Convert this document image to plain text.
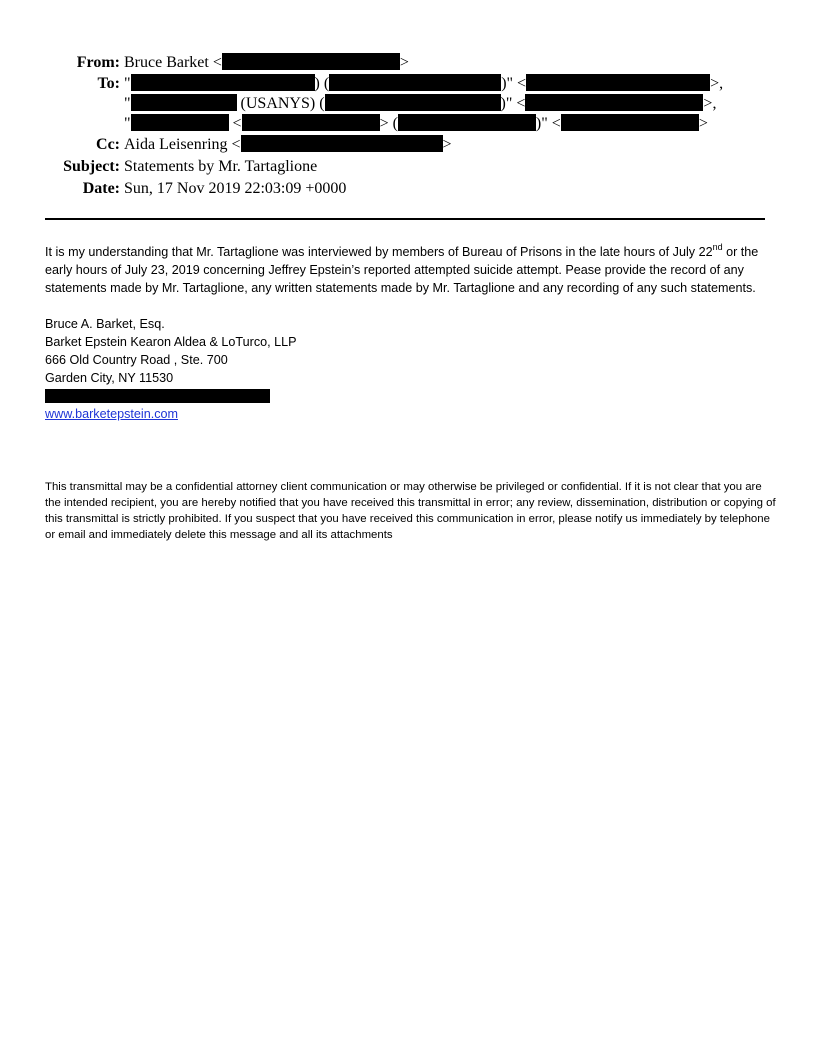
From: Bruce Barket <	>
To: "	) (	)" <	>,
"	(USANYS) (	)" <	>,
"	<	> (	)" <	>
Cc: Aida Leisenring <	>
Subject: Statements by Mr. Tartaglione
Date: Sun, 17 Nov 2019 22:03:09 +0000

It is my understanding that Mr. Tartaglione was interviewed by members of Bureau of Prisons in the late hours of July 22nd or the early hours of July 23, 2019 concerning Jeffrey Epstein’s reported attempted suicide attempt. Pease provide the record of any statements made by Mr. Tartaglione, any written statements made by Mr. Tartaglione and any recording of any such statements.

Bruce A. Barket, Esq.
Barket Epstein Kearon Aldea & LoTurco, LLP
666 Old Country Road , Ste. 700
Garden City, NY 11530
www.barketepstein.com
This transmittal may be a confidential attorney client communication or may otherwise be privileged or confidential. If it is not clear that you are the intended recipient, you are hereby notified that you have received this transmittal in error; any review, dissemination, distribution or copying of this transmittal is strictly prohibited. If you suspect that you have received this communication in error, please notify us immediately by telephone or email and immediately delete this message and all its attachments
